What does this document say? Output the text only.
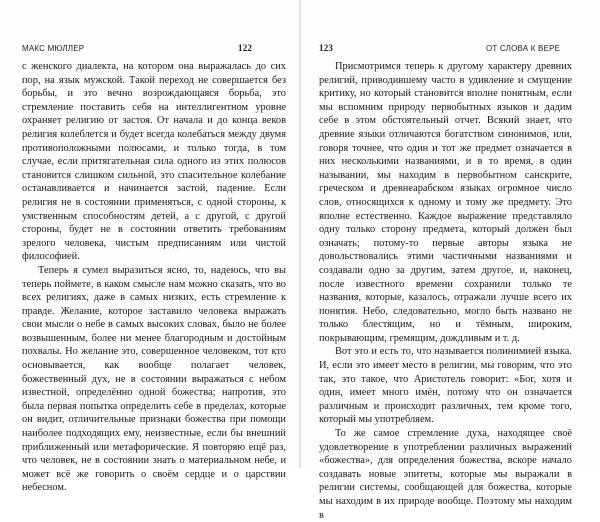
МАКС МЮЛЛЕР	122

с женского диалекта, на котором она выражалась до сих пор, на язык мужской. Такой переход не совершается без борьбы, и это вечно возрождающаяся борьба, это стремление поставить себя на интеллигентном уровне охраняет религию от застоя. От начала и до конца веков религия колеблется и будет всегда колебаться между двумя противоположными полюсами, и только тогда, в том случае, если притягательная сила одного из этих полюсов становится слишком сильной, это спасительное колебание останавливается и начинается застой, падение. Если религия не в состоянии применяться, с одной стороны, к умственным способностям детей, а с другой, с другой стороны, будет не в состоянии ответить требованиям зрелого человека, чистым предписаниям или чистой философией.

Теперь я сумел выразиться ясно, то, надеюсь, что вы теперь поймете, в каком смысле нам можно сказать, что во всех религиях, даже в самых низких, есть стремление к правде. Желание, которое заставило человека выражать свои мысли о небе в самых высоких словах, было не более возвышенным, более ни менее благородным и достойным похвалы. Но желание это, совершенное человеком, тот кто основывается, как вообще полагает человек, божественный дух, не в состоянии выражаться с небом известной, определённо одной божества; напротив, это была первая попытка определить себе в пределах, которые он видит, отличительные признаки божества при помощи наиболее подходящих ему, неизвестные, если бы внешний приближенный или метафорические. Я повторяю ещё раз, что человек, не в состоянии знать о материальном небе, и может всё же говорить о своём сердце и о царствии небесном.

123	ОТ СЛОВА К ВЕРЕ

Присмотримся теперь к другому характеру древних религий, приводившему часто в удивление и смущение критику, но который становится вполне понятным, если мы вспомним природу первобытных языков и дадим себе в этом обстоятельный отчет. Всякий знает, что древние языки отличаются богатством синонимов, или, говоря точнее, что один и тот же предмет означается в них несколькими названиями, и в то время, в один назывании, мы находим в первобытном санскрите, греческом и древнеарабском языках огромное число слов, относящихся к одному и тому же предмету. Это вполне естественно. Каждое выражение представляло одну только сторону предмета, который должен был означать; потому-то первые авторы языка не довольствовались этими частичными названиями и создавали одно за другим, затем другое, и, наконец, после известного времени сохранили только те названия, которые, казалось, отражали лучше всего их понятия. Небо, следовательно, могло быть названо не только блестящим, но и тёмным, широким, покрывающим, гремящим, дождливым и т. д.

Вот это и есть то, что называется полинимией языка. И, если это имеет место в религии, мы говорим, что это так, это такое, что Аристотель говорит: «Бог, хотя и один, имеет много имён, потому что он означается различным и происходит различных, тем кроме того, который мы употребляем.

То же самое стремление духа, находящее своё удовлетворение в употреблении различных выражений «божества», для определения божества, вскоре начало создавать новые эпитеты, которые мы выражали в религии системы, сообщающей для божества, которые мы находим в их природе вообще. Поэтому мы находим в
